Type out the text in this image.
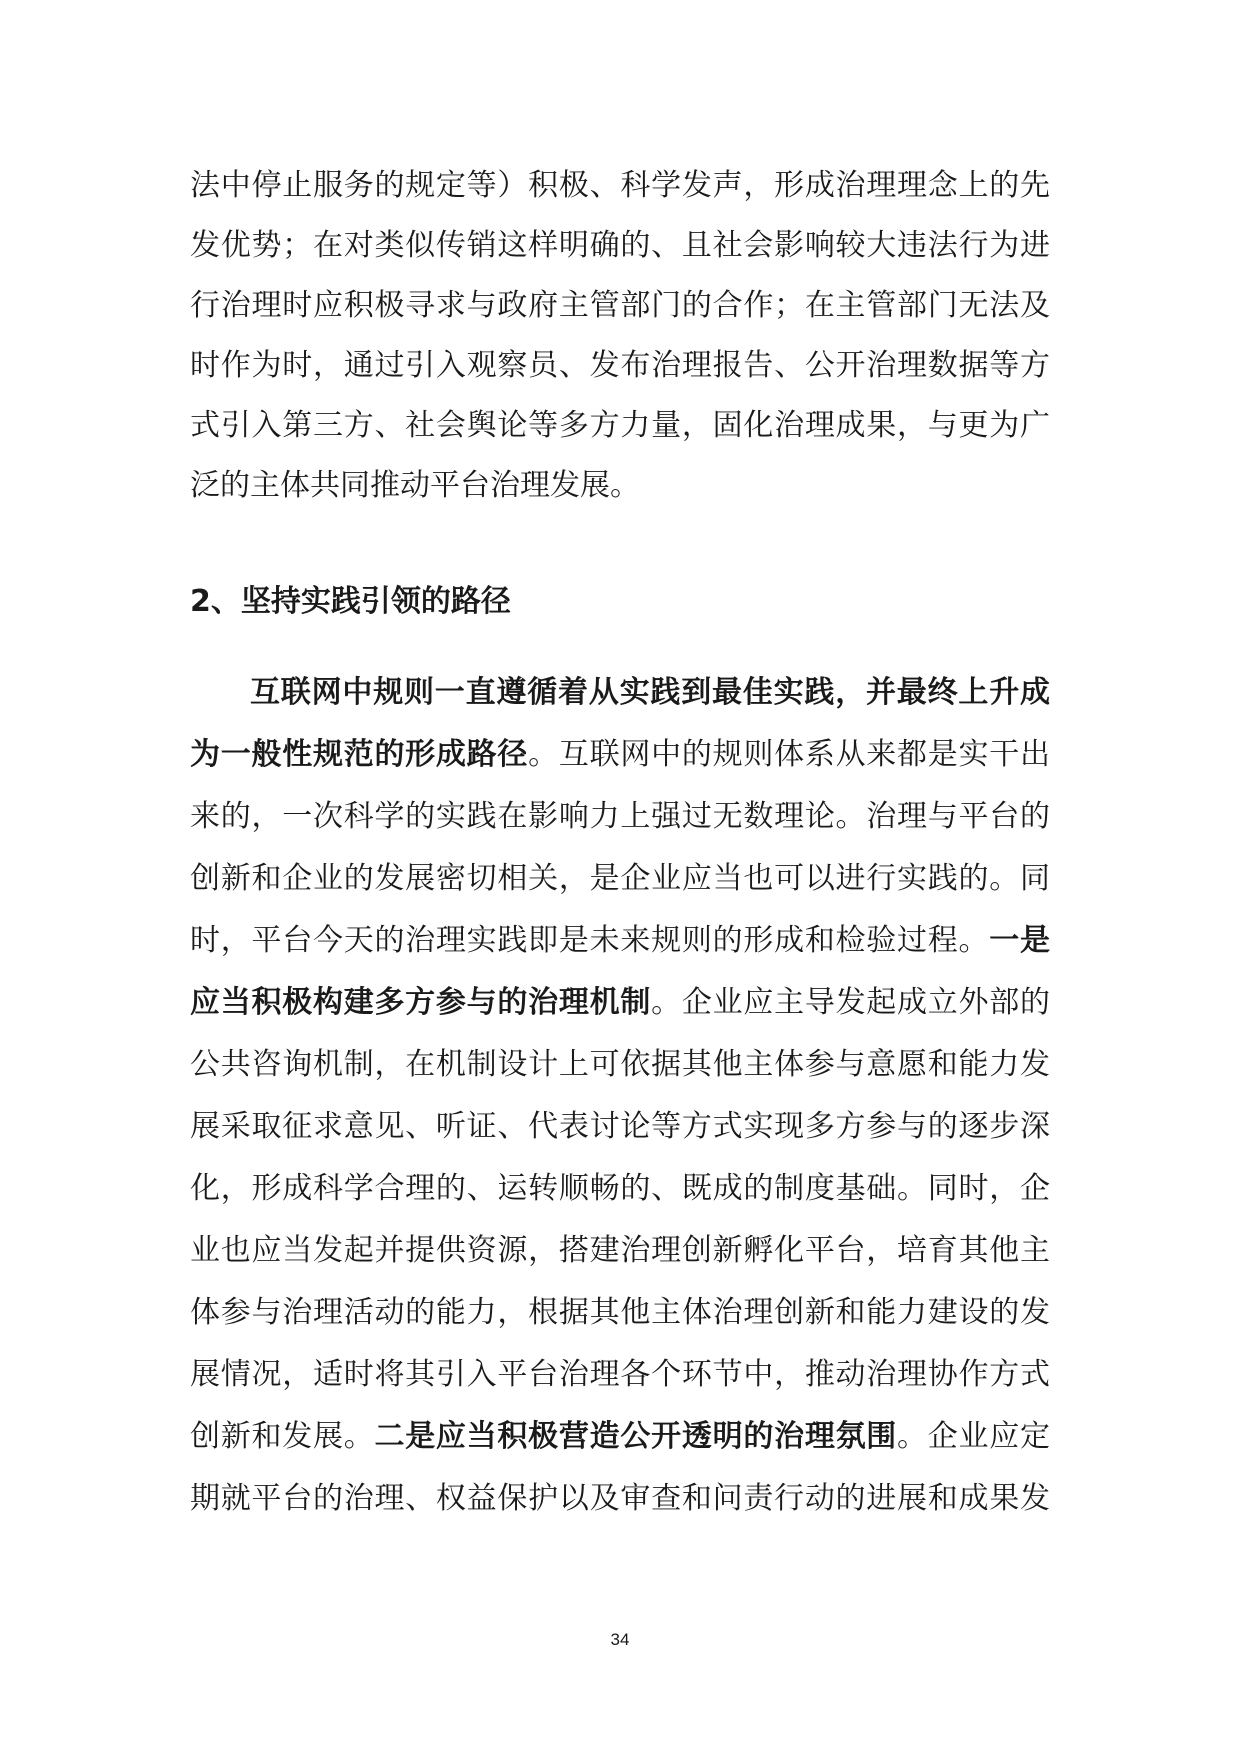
法中停止服务的规定等）积极、科学发声，形成治理理念上的先
发优势；在对类似传销这样明确的、且社会影响较大违法行为进
行治理时应积极寻求与政府主管部门的合作；在主管部门无法及
时作为时，通过引入观察员、发布治理报告、公开治理数据等方
式引入第三方、社会舆论等多方力量，固化治理成果，与更为广
泛的主体共同推动平台治理发展。
2、坚持实践引领的路径
互联网中规则一直遵循着从实践到最佳实践，并最终上升成
为一般性规范的形成路径。互联网中的规则体系从来都是实干出
来的，一次科学的实践在影响力上强过无数理论。治理与平台的
创新和企业的发展密切相关，是企业应当也可以进行实践的。同
时，平台今天的治理实践即是未来规则的形成和检验过程。一是
应当积极构建多方参与的治理机制。企业应主导发起成立外部的
公共咨询机制，在机制设计上可依据其他主体参与意愿和能力发
展采取征求意见、听证、代表讨论等方式实现多方参与的逐步深
化，形成科学合理的、运转顺畅的、既成的制度基础。同时，企
业也应当发起并提供资源，搭建治理创新孵化平台，培育其他主
体参与治理活动的能力，根据其他主体治理创新和能力建设的发
展情况，适时将其引入平台治理各个环节中，推动治理协作方式
创新和发展。二是应当积极营造公开透明的治理氛围。企业应定
期就平台的治理、权益保护以及审查和问责行动的进展和成果发
34
